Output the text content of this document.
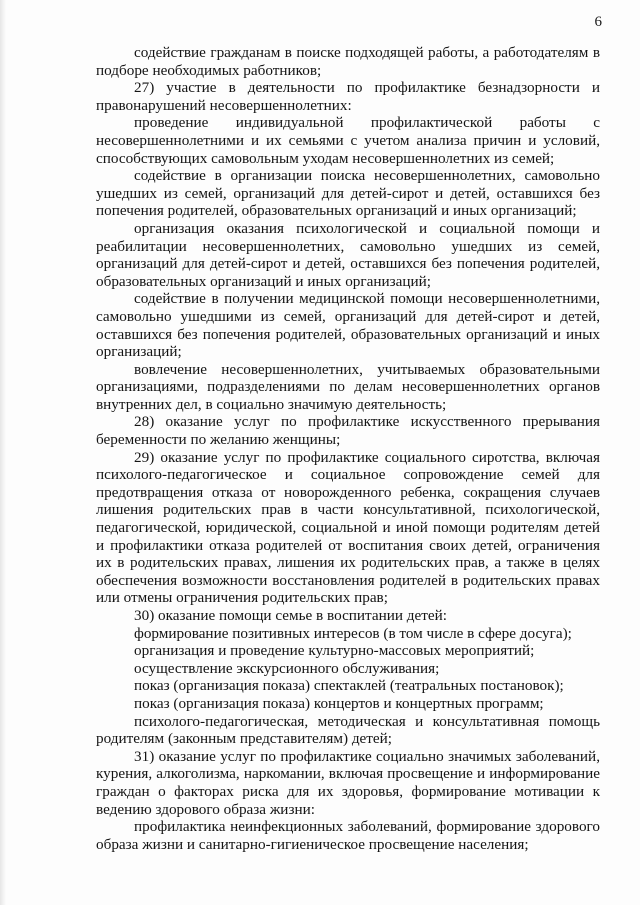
6

содействие гражданам в поиске подходящей работы, а работодателям в подборе необходимых работников;

27) участие в деятельности по профилактике безнадзорности и правонарушений несовершеннолетних:

проведение индивидуальной профилактической работы с несовершеннолетними и их семьями с учетом анализа причин и условий, способствующих самовольным уходам несовершеннолетних из семей;

содействие в организации поиска несовершеннолетних, самовольно ушедших из семей, организаций для детей-сирот и детей, оставшихся без попечения родителей, образовательных организаций и иных организаций;

организация оказания психологической и социальной помощи и реабилитации несовершеннолетних, самовольно ушедших из семей, организаций для детей-сирот и детей, оставшихся без попечения родителей, образовательных организаций и иных организаций;

содействие в получении медицинской помощи несовершеннолетними, самовольно ушедшими из семей, организаций для детей-сирот и детей, оставшихся без попечения родителей, образовательных организаций и иных организаций;

вовлечение несовершеннолетних, учитываемых образовательными организациями, подразделениями по делам несовершеннолетних органов внутренних дел, в социально значимую деятельность;

28) оказание услуг по профилактике искусственного прерывания беременности по желанию женщины;

29) оказание услуг по профилактике социального сиротства, включая психолого-педагогическое и социальное сопровождение семей для предотвращения отказа от новорожденного ребенка, сокращения случаев лишения родительских прав в части консультативной, психологической, педагогической, юридической, социальной и иной помощи родителям детей и профилактики отказа родителей от воспитания своих детей, ограничения их в родительских правах, лишения их родительских прав, а также в целях обеспечения возможности восстановления родителей в родительских правах или отмены ограничения родительских прав;

30) оказание помощи семье в воспитании детей:

формирование позитивных интересов (в том числе в сфере досуга);

организация и проведение культурно-массовых мероприятий;

осуществление экскурсионного обслуживания;

показ (организация показа) спектаклей (театральных постановок);

показ (организация показа) концертов и концертных программ;

психолого-педагогическая, методическая и консультативная помощь родителям (законным представителям) детей;

31) оказание услуг по профилактике социально значимых заболеваний, курения, алкоголизма, наркомании, включая просвещение и информирование граждан о факторах риска для их здоровья, формирование мотивации к ведению здорового образа жизни:

профилактика неинфекционных заболеваний, формирование здорового образа жизни и санитарно-гигиеническое просвещение населения;
